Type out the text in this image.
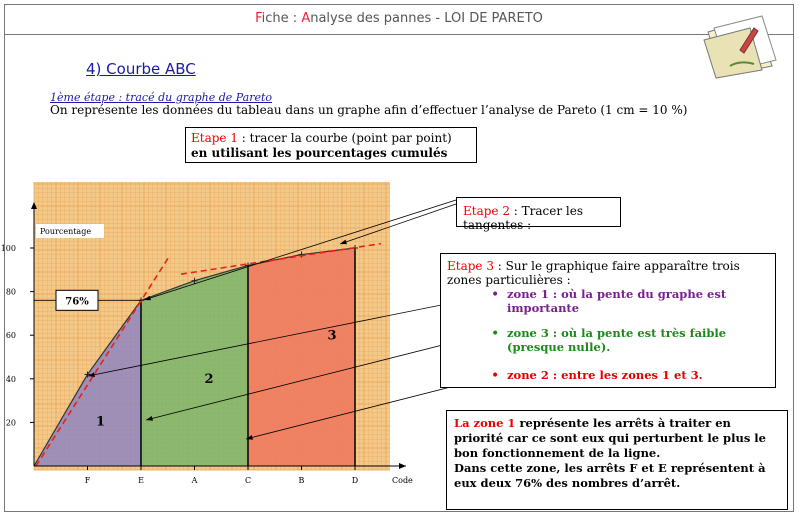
Fiche : Analyse des pannes - LOI DE PARETO
4) Courbe ABC
1ème étape : tracé du graphe de Pareto
On représente les données du tableau dans un graphe afin d’effectuer l’analyse de Pareto (1 cm = 10 %)
20
40
60
80
100
F	E	A	C	B	D	Code
Pourcentage
76%
1
2
3
Etape 1 : tracer la courbe (point par point) en utilisant les pourcentages cumulés
Etape 2 : Tracer les tangentes :
Etape 3 : Sur le graphique faire apparaître trois zones particulières :
• zone 1 : où la pente du graphe est importante
• zone 3 : où la pente est très faible (presque nulle).
• zone 2 : entre les zones 1 et 3.
La zone 1 représente les arrêts à traiter en priorité car ce sont eux qui perturbent le plus le bon fonctionnement de la ligne.
Dans cette zone, les arrêts F et E représentent à eux deux 76% des nombres d’arrêt.
